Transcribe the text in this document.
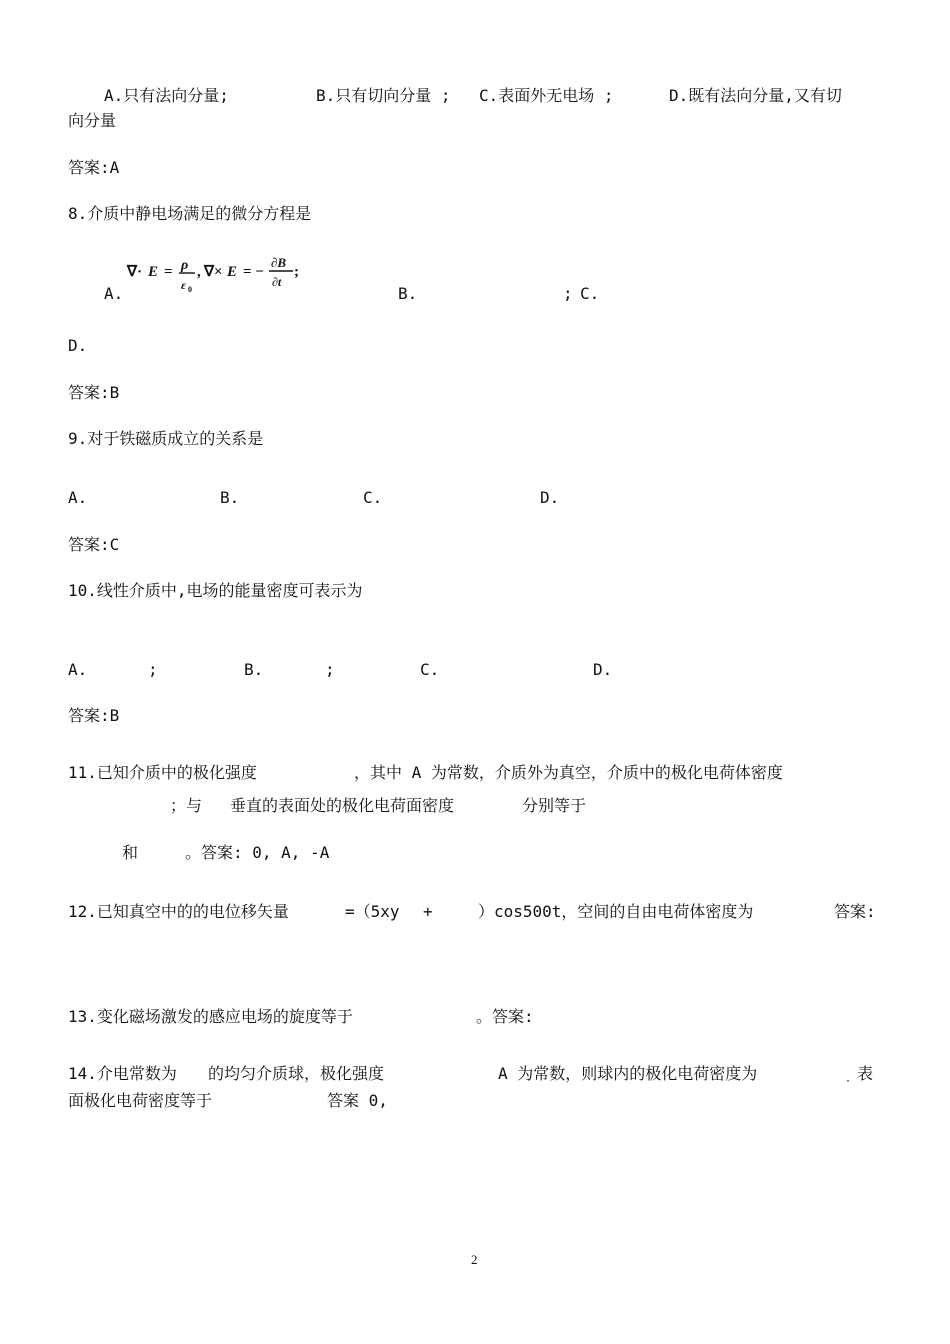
A.只有法向分量;	B.只有切向分量 ; C.表面外无电场 ;	D.既有法向分量,又有切
向分量
答案:A
8.介质中静电场满足的微分方程是
∇· E = ρ
ε 0
, ∇× E = −
∂B
∂t
;
A.	B.	; C.
D.
答案:B
9.对于铁磁质成立的关系是
A.	B.	C.	D.
答案:C
10.线性介质中,电场的能量密度可表示为
A.	;	B.	;	C.	D.
答案:B
11.已知介质中的极化强度	，其中 A 为常数，介质外为真空，介质中的极化电荷体密度
；与 垂直的表面处的极化电荷面密度	分别等于
和	。答案: 0, A, -A
12.已知真空中的的电位移矢量	=（5xy +	）cos500t，空间的自由电荷体密度为	答案:
13.变化磁场激发的感应电场的旋度等于	。答案:
14.介电常数为 的均匀介质球，极化强度	A 为常数，则球内的极化电荷密度为	· 表
面极化电荷密度等于	答案 0,
2
